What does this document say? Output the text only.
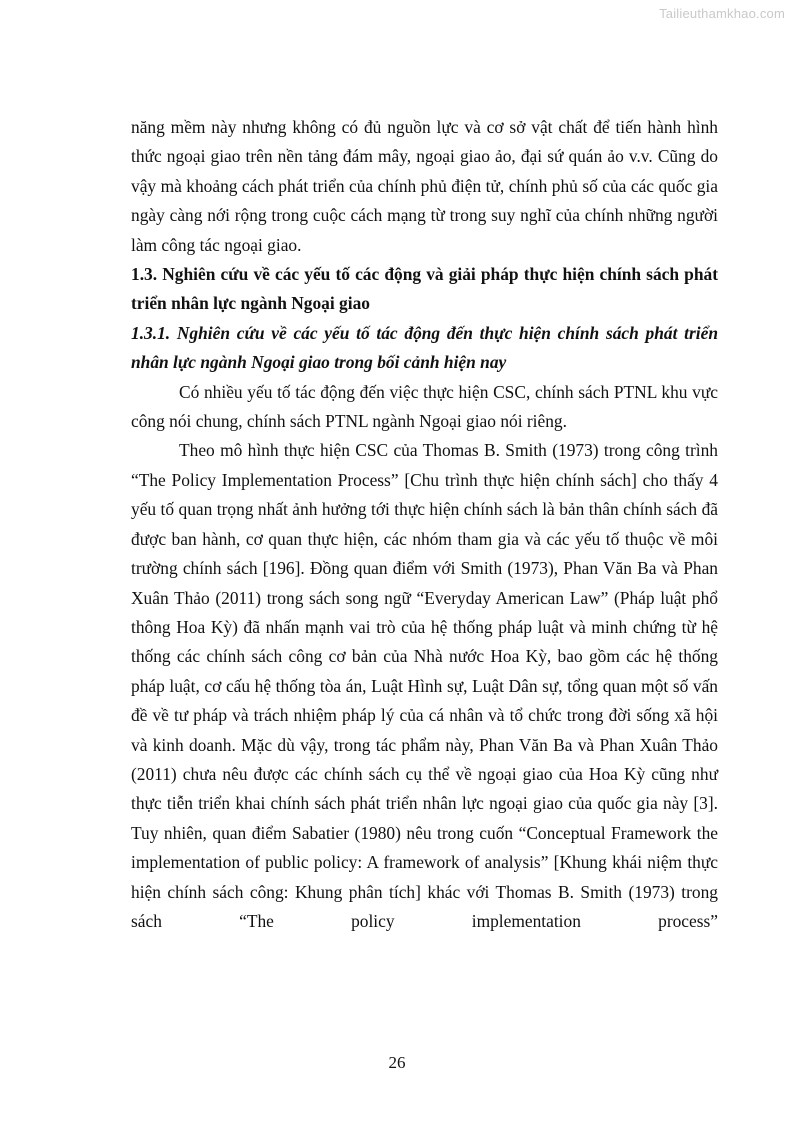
Tailieuthamkhao.com

năng mềm này nhưng không có đủ nguồn lực và cơ sở vật chất để tiến hành hình thức ngoại giao trên nền tảng đám mây, ngoại giao ảo, đại sứ quán ảo v.v. Cũng do vậy mà khoảng cách phát triển của chính phủ điện tử, chính phủ số của các quốc gia ngày càng nới rộng trong cuộc cách mạng từ trong suy nghĩ của chính những người làm công tác ngoại giao.

1.3. Nghiên cứu về các yếu tố các động và giải pháp thực hiện chính sách phát triển nhân lực ngành Ngoại giao

1.3.1. Nghiên cứu về các yếu tố tác động đến thực hiện chính sách phát triển nhân lực ngành Ngoại giao trong bối cảnh hiện nay

Có nhiều yếu tố tác động đến việc thực hiện CSC, chính sách PTNL khu vực công nói chung, chính sách PTNL ngành Ngoại giao nói riêng.

Theo mô hình thực hiện CSC của Thomas B. Smith (1973) trong công trình “The Policy Implementation Process” [Chu trình thực hiện chính sách] cho thấy 4 yếu tố quan trọng nhất ảnh hưởng tới thực hiện chính sách là bản thân chính sách đã được ban hành, cơ quan thực hiện, các nhóm tham gia và các yếu tố thuộc về môi trường chính sách [196]. Đồng quan điểm với Smith (1973), Phan Văn Ba và Phan Xuân Thảo (2011) trong sách song ngữ “Everyday American Law” (Pháp luật phổ thông Hoa Kỳ) đã nhấn mạnh vai trò của hệ thống pháp luật và minh chứng từ hệ thống các chính sách công cơ bản của Nhà nước Hoa Kỳ, bao gồm các hệ thống pháp luật, cơ cấu hệ thống tòa án, Luật Hình sự, Luật Dân sự, tổng quan một số vấn đề về tư pháp và trách nhiệm pháp lý của cá nhân và tổ chức trong đời sống xã hội và kinh doanh. Mặc dù vậy, trong tác phẩm này, Phan Văn Ba và Phan Xuân Thảo (2011) chưa nêu được các chính sách cụ thể về ngoại giao của Hoa Kỳ cũng như thực tiễn triển khai chính sách phát triển nhân lực ngoại giao của quốc gia này [3]. Tuy nhiên, quan điểm Sabatier (1980) nêu trong cuốn “Conceptual Framework the implementation of public policy: A framework of analysis” [Khung khái niệm thực hiện chính sách công: Khung phân tích] khác với Thomas B. Smith (1973) trong sách “The policy implementation process”

26
